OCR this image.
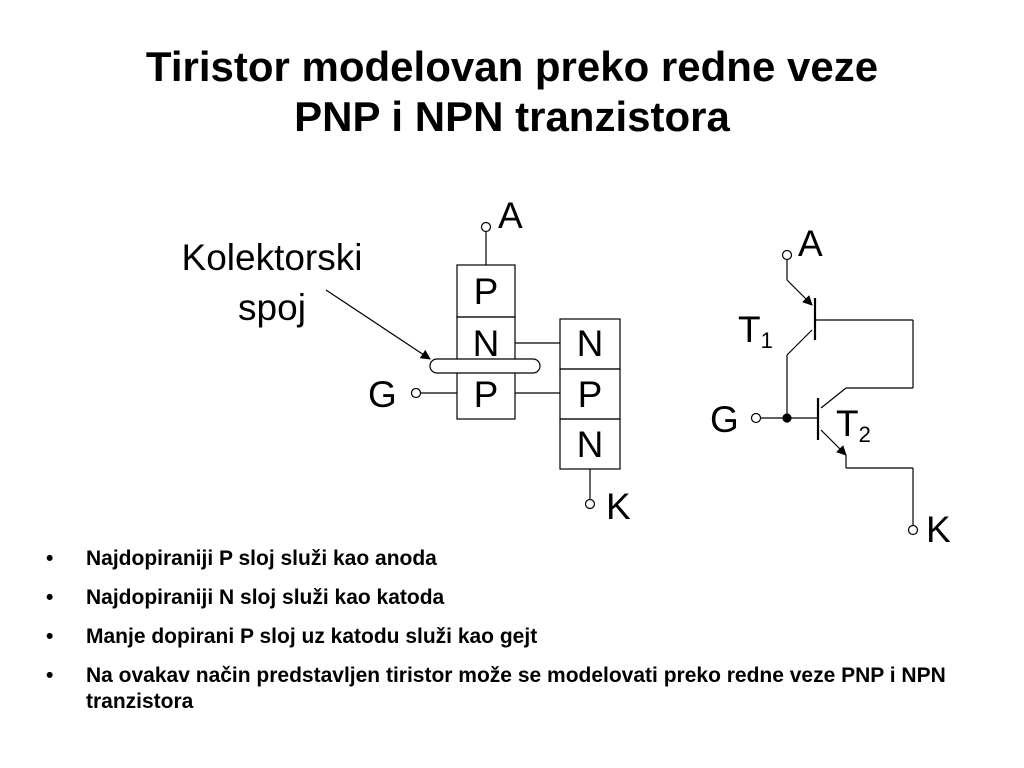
Tiristor modelovan preko redne veze
PNP i NPN tranzistora
P
N
P
N
P
N
A
G
K
Kolektorski
spoj
A
G
K
T1
T2
• Najdopiraniji P sloj služi kao anoda
• Najdopiraniji N sloj služi kao katoda
• Manje dopirani P sloj uz katodu služi kao gejt
• Na ovakav način predstavljen tiristor može se modelovati preko redne veze PNP i NPN tranzistora
